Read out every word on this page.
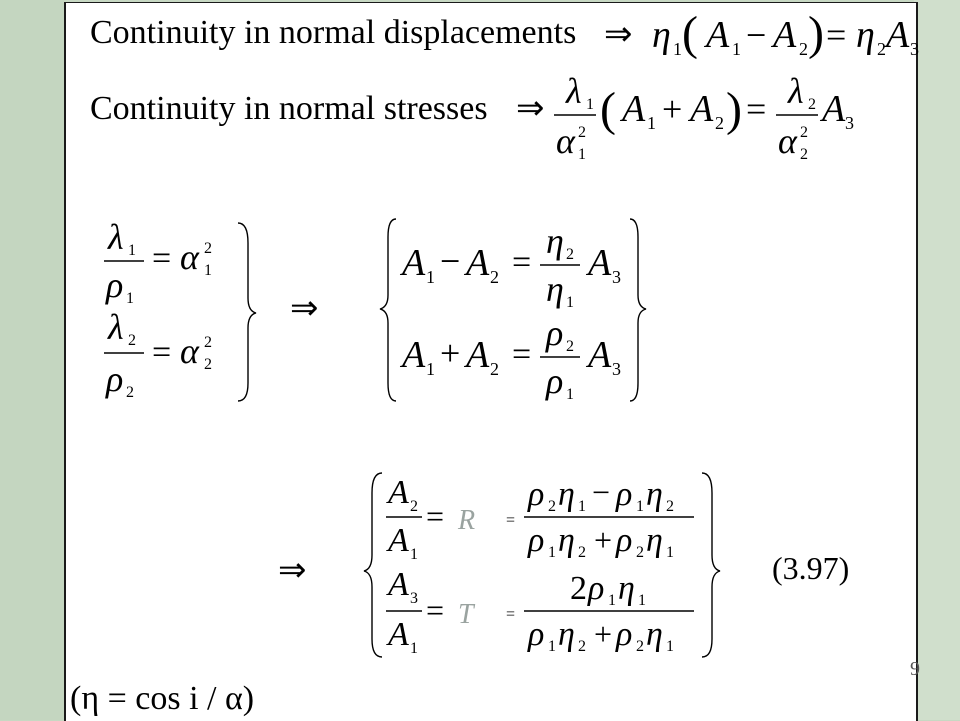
Continuity in normal displacements ⇒ η 1 ( A 1 − A 2 ) = η 2 A 3
Continuity in normal stresses ⇒ λ 1
α 2
1
( A 1 + A 2 ) = λ 2
α 2
2
A 3
λ 1
ρ 1
= α 2
1
λ 2
ρ 2
= α 2
2
⇒
A 1 − A 2 =
η 2
η 1
A 3
A 1 + A 2 =
ρ 2
ρ 1
A 3
⇒
A 2
A 1
= R =
ρ 2 η 1 − ρ 1 η 2
ρ 1 η 2 + ρ 2 η 1
A 3
A 1
= T =
2 ρ 1 η 1
ρ 1 η 2 + ρ 2 η 1
(3.97)
(η = cos i / α)
9
